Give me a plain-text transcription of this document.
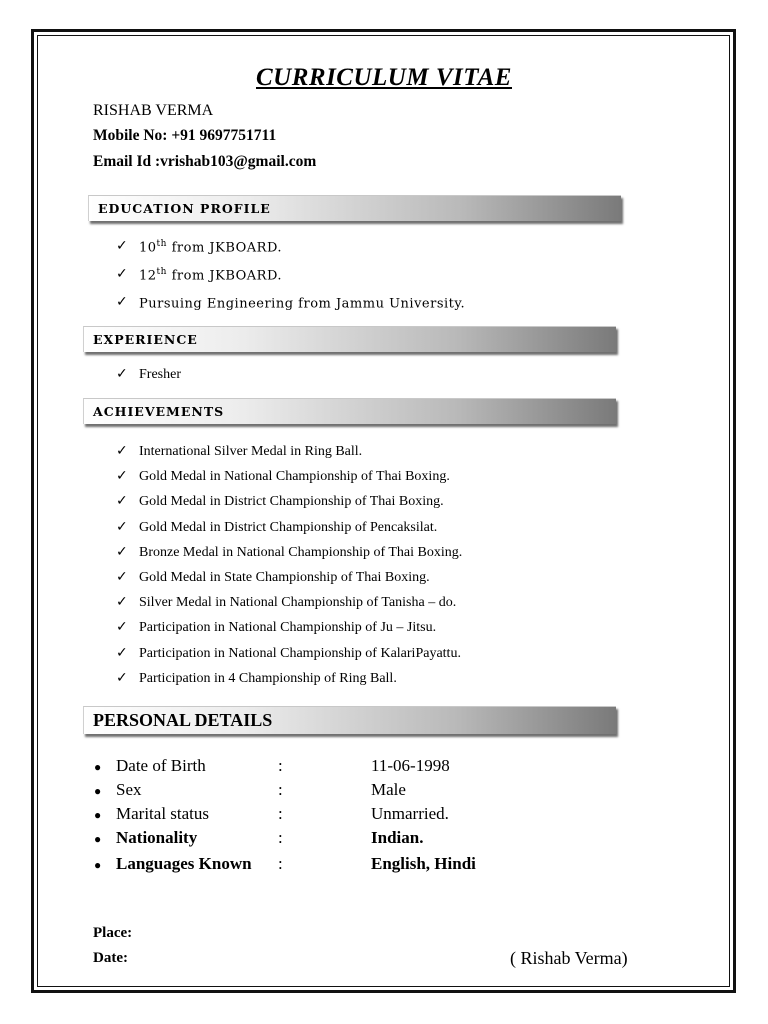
CURRICULUM VITAE
RISHAB VERMA
Mobile No: +91 9697751711
Email Id :vrishab103@gmail.com
EDUCATION PROFILE
✓ 10th from JKBOARD.
✓ 12th from JKBOARD.
✓ Pursuing Engineering from Jammu University.
EXPERIENCE
✓ Fresher
ACHIEVEMENTS
✓ International Silver Medal in Ring Ball.
✓ Gold Medal in National Championship of Thai Boxing.
✓ Gold Medal in District Championship of Thai Boxing.
✓ Gold Medal in District Championship of Pencaksilat.
✓ Bronze Medal in National Championship of Thai Boxing.
✓ Gold Medal in State Championship of Thai Boxing.
✓ Silver Medal in National Championship of Tanisha – do.
✓ Participation in National Championship of Ju – Jitsu.
✓ Participation in National Championship of KalariPayattu.
✓ Participation in 4 Championship of Ring Ball.
PERSONAL DETAILS
● Date of Birth	:	11-06-1998
● Sex	:	Male
● Marital status	:	Unmarried.
● Nationality	:	Indian.
● Languages Known :	English, Hindi
Place:
Date:	( Rishab Verma)
